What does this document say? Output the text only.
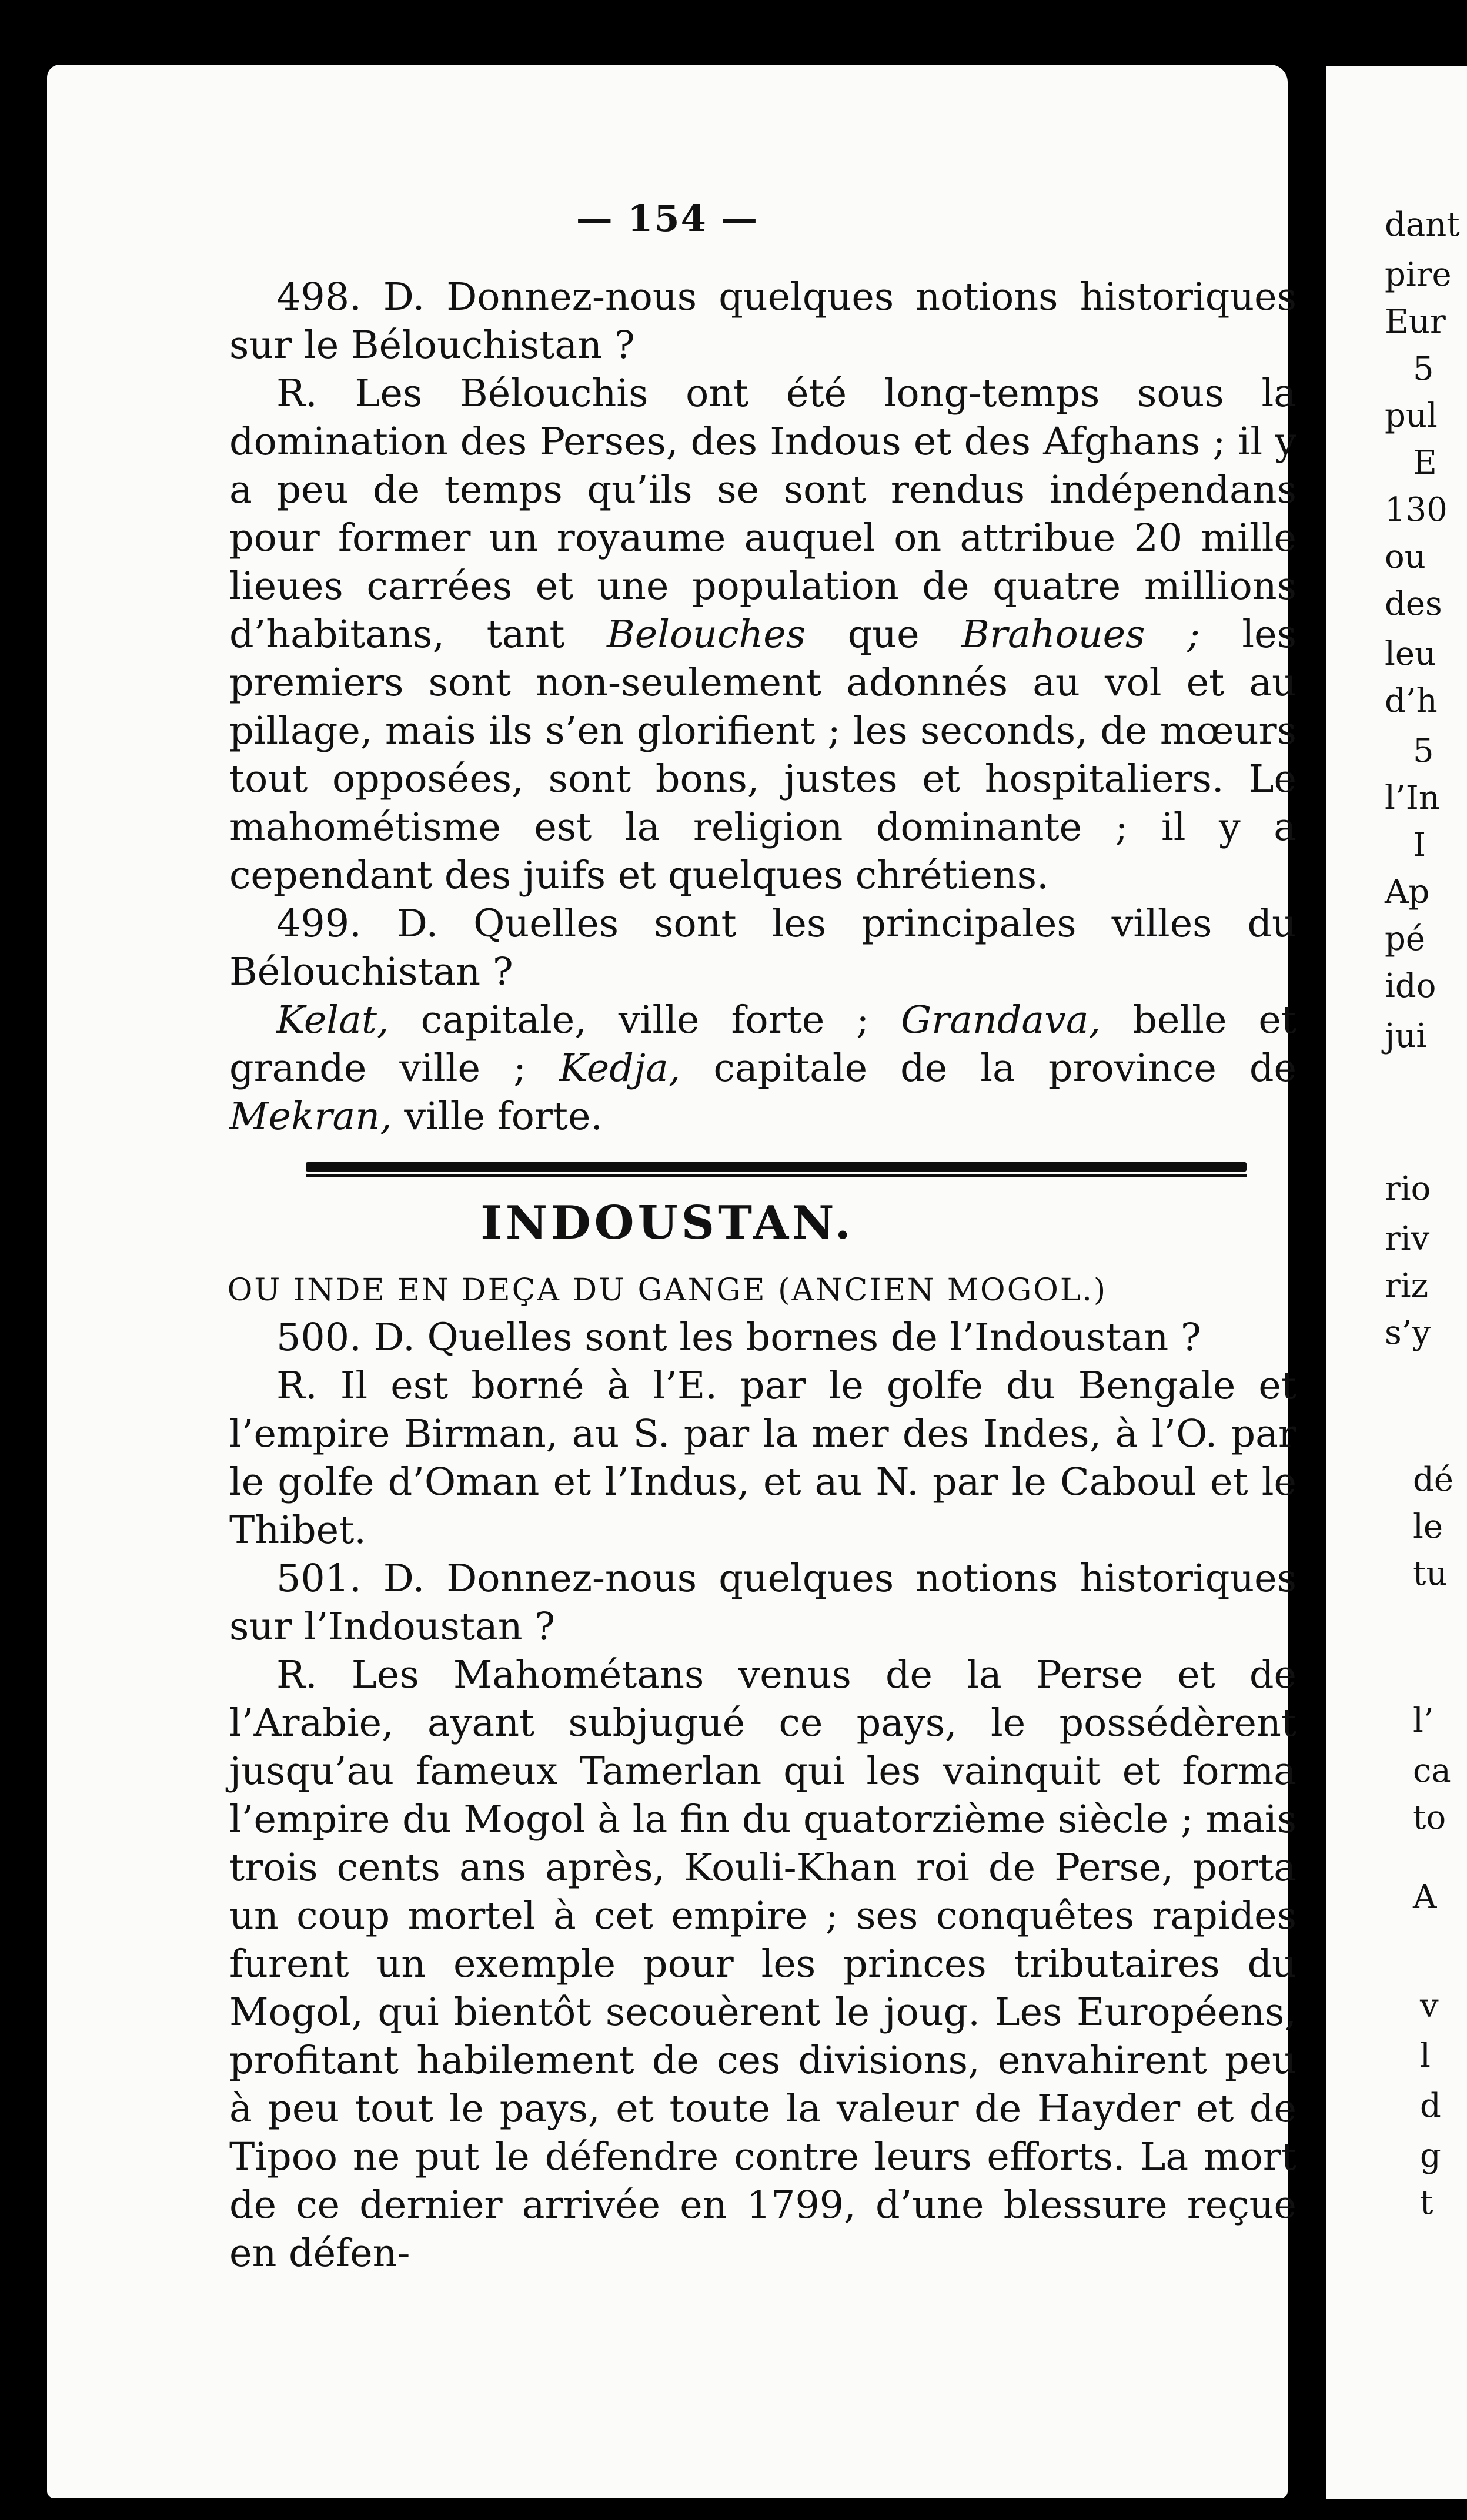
— 154 —

498. D. Donnez-nous quelques notions historiques sur le Bélouchistan ?

R. Les Bélouchis ont été long-temps sous la domination des Perses, des Indous et des Afghans ; il y a peu de temps qu’ils se sont rendus indépendans pour former un royaume auquel on attribue 20 mille lieues carrées et une population de quatre millions d’habitans, tant Belouches que Brahoues ; les premiers sont non-seulement adonnés au vol et au pillage, mais ils s’en glorifient ; les seconds, de mœurs tout opposées, sont bons, justes et hospitaliers. Le mahométisme est la religion dominante ; il y a cependant des juifs et quelques chrétiens.

499. D. Quelles sont les principales villes du Bélouchistan ?

Kelat, capitale, ville forte ; Grandava, belle et grande ville ; Kedja, capitale de la province de Mekran, ville forte.

INDOUSTAN.
OU INDE EN DEÇA DU GANGE (ANCIEN MOGOL.)

500. D. Quelles sont les bornes de l’Indoustan ?

R. Il est borné à l’E. par le golfe du Bengale et l’empire Birman, au S. par la mer des Indes, à l’O. par le golfe d’Oman et l’Indus, et au N. par le Caboul et le Thibet.

501. D. Donnez-nous quelques notions historiques sur l’Indoustan ?

R. Les Mahométans venus de la Perse et de l’Arabie, ayant subjugué ce pays, le possédèrent jusqu’au fameux Tamerlan qui les vainquit et forma l’empire du Mogol à la fin du quatorzième siècle ; mais trois cents ans après, Kouli-Khan roi de Perse, porta un coup mortel à cet empire ; ses conquêtes rapides furent un exemple pour les princes tributaires du Mogol, qui bientôt secouèrent le joug. Les Européens, profitant habilement de ces divisions, envahirent peu à peu tout le pays, et toute la valeur de Hayder et de Tipoo ne put le défendre contre leurs efforts. La mort de ce dernier arrivée en 1799, d’une blessure reçue en défen-

dant
pire
Eur
5
pul
E
130
ou
des
leu
d’h
5
l’In
I
Ap
pé
ido
jui
rio
riv
riz
s’y
dé
le
tu
l’
ca
to
A
v
l
d
g
t
